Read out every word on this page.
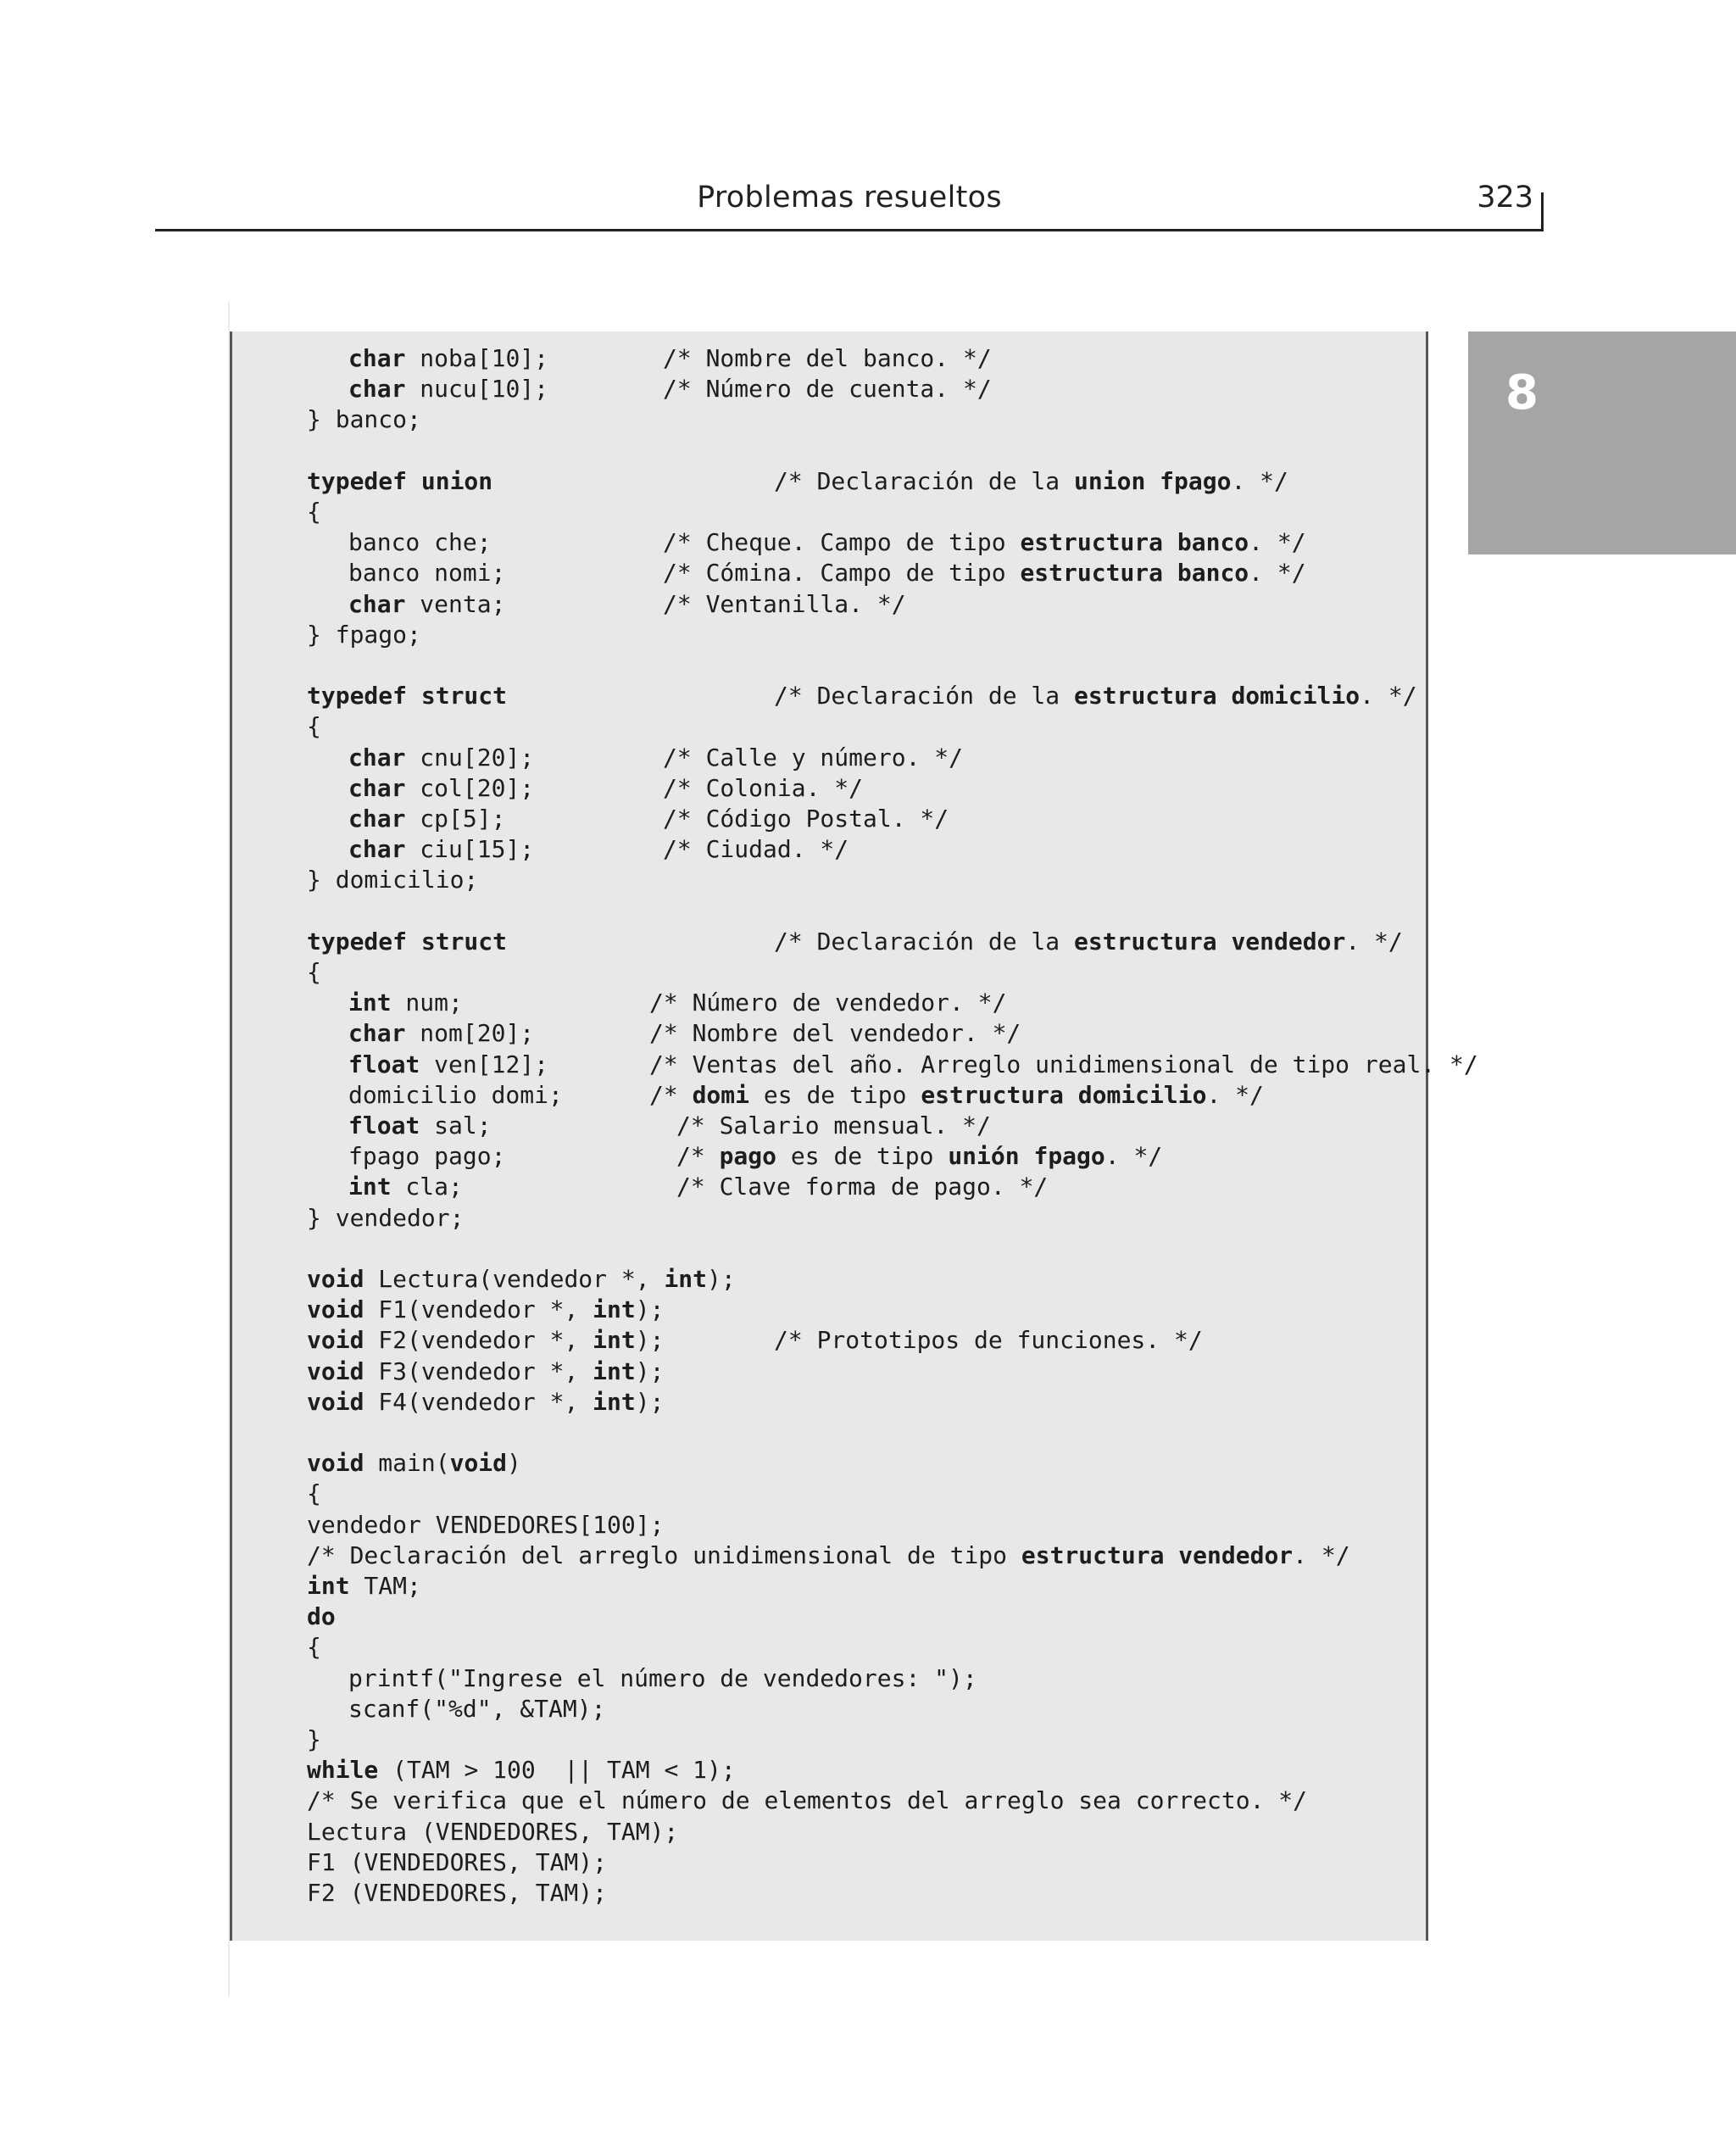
Problemas resueltos	323
8
char noba[10];	/* Nombre del banco. */
char nucu[10];	/* Número de cuenta. */
} banco;
typedef union	/* Declaración de la union fpago. */
{
banco che;	/* Cheque. Campo de tipo estructura banco. */
banco nomi;	/* Cómina. Campo de tipo estructura banco. */
char venta;	/* Ventanilla. */
} fpago;
typedef struct	/* Declaración de la estructura domicilio. */
{
char cnu[20];	/* Calle y número. */
char col[20];	/* Colonia. */
char cp[5];	/* Código Postal. */
char ciu[15];	/* Ciudad. */
} domicilio;
typedef struct	/* Declaración de la estructura vendedor. */
{
int num;	/* Número de vendedor. */
char nom[20];	/* Nombre del vendedor. */
float ven[12];	/* Ventas del año. Arreglo unidimensional de tipo real. */
domicilio domi;	/* domi es de tipo estructura domicilio. */
float sal;	/* Salario mensual. */
fpago pago;	/* pago es de tipo unión fpago. */
int cla;	/* Clave forma de pago. */
} vendedor;
void Lectura(vendedor *, int);
void F1(vendedor *, int);
void F2(vendedor *, int);	/* Prototipos de funciones. */
void F3(vendedor *, int);
void F4(vendedor *, int);
void main(void)
{
vendedor VENDEDORES[100];
/* Declaración del arreglo unidimensional de tipo estructura vendedor. */
int TAM;
do
{
printf("Ingrese el número de vendedores: ");
scanf("%d", &TAM);
}
while (TAM > 100  || TAM < 1);
/* Se verifica que el número de elementos del arreglo sea correcto. */
Lectura (VENDEDORES, TAM);
F1 (VENDEDORES, TAM);
F2 (VENDEDORES, TAM);
